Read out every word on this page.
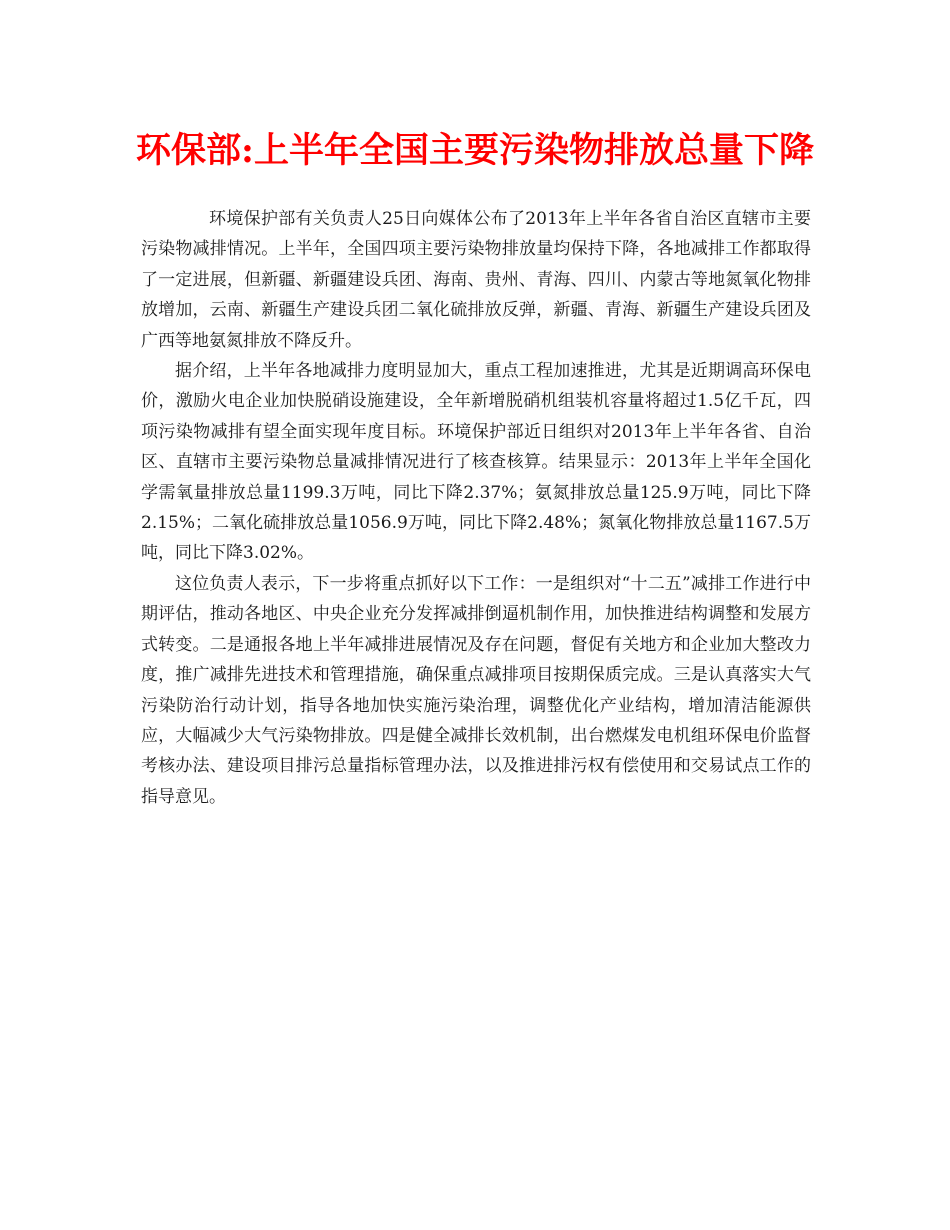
环保部:上半年全国主要污染物排放总量下降

环境保护部有关负责人25日向媒体公布了2013年上半年各省自治区直辖市主要污染物减排情况。上半年，全国四项主要污染物排放量均保持下降，各地减排工作都取得了一定进展，但新疆、新疆建设兵团、海南、贵州、青海、四川、内蒙古等地氮氧化物排放增加，云南、新疆生产建设兵团二氧化硫排放反弹，新疆、青海、新疆生产建设兵团及广西等地氨氮排放不降反升。

据介绍，上半年各地减排力度明显加大，重点工程加速推进，尤其是近期调高环保电价，激励火电企业加快脱硝设施建设，全年新增脱硝机组装机容量将超过1.5亿千瓦，四项污染物减排有望全面实现年度目标。环境保护部近日组织对2013年上半年各省、自治区、直辖市主要污染物总量减排情况进行了核查核算。结果显示：2013年上半年全国化学需氧量排放总量1199.3万吨，同比下降2.37%；氨氮排放总量125.9万吨，同比下降2.15%；二氧化硫排放总量1056.9万吨，同比下降2.48%；氮氧化物排放总量1167.5万吨，同比下降3.02%。

这位负责人表示，下一步将重点抓好以下工作：一是组织对“十二五”减排工作进行中期评估，推动各地区、中央企业充分发挥减排倒逼机制作用，加快推进结构调整和发展方式转变。二是通报各地上半年减排进展情况及存在问题，督促有关地方和企业加大整改力度，推广减排先进技术和管理措施，确保重点减排项目按期保质完成。三是认真落实大气污染防治行动计划，指导各地加快实施污染治理，调整优化产业结构，增加清洁能源供应，大幅减少大气污染物排放。四是健全减排长效机制，出台燃煤发电机组环保电价监督考核办法、建设项目排污总量指标管理办法，以及推进排污权有偿使用和交易试点工作的指导意见。
